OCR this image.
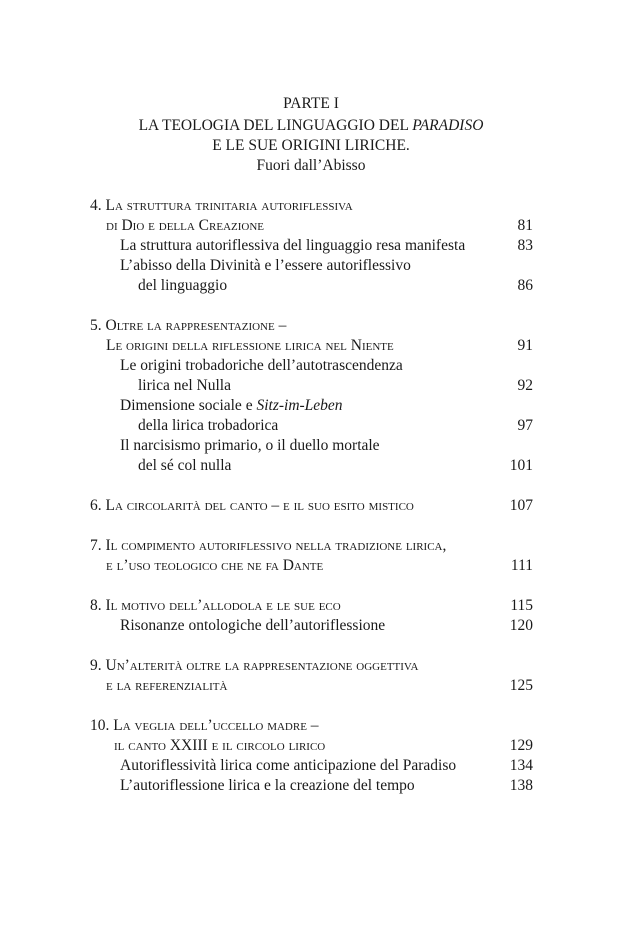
PARTE I
LA TEOLOGIA DEL LINGUAGGIO DEL PARADISO
E LE SUE ORIGINI LIRICHE.
Fuori dall’Abisso
4. La struttura trinitaria autoriflessiva
di Dio e della Creazione	81
La struttura autoriflessiva del linguaggio resa manifesta	83
L’abisso della Divinità e l’essere autoriflessivo
del linguaggio	86
5. Oltre la rappresentazione –
Le origini della riflessione lirica nel Niente	91
Le origini trobadoriche dell’autotrascendenza
lirica nel Nulla	92
Dimensione sociale e Sitz-im-Leben
della lirica trobadorica	97
Il narcisismo primario, o il duello mortale
del sé col nulla	101
6. La circolarità del canto – e il suo esito mistico	107
7. Il compimento autoriflessivo nella tradizione lirica,
e l’uso teologico che ne fa Dante	111
8. Il motivo dell’allodola e le sue eco	115
Risonanze ontologiche dell’autoriflessione	120
9. Un’alterità oltre la rappresentazione oggettiva
e la referenzialità	125
10. La veglia dell’uccello madre –
il canto XXIII e il circolo lirico	129
Autoriflessività lirica come anticipazione del Paradiso	134
L’autoriflessione lirica e la creazione del tempo	138
